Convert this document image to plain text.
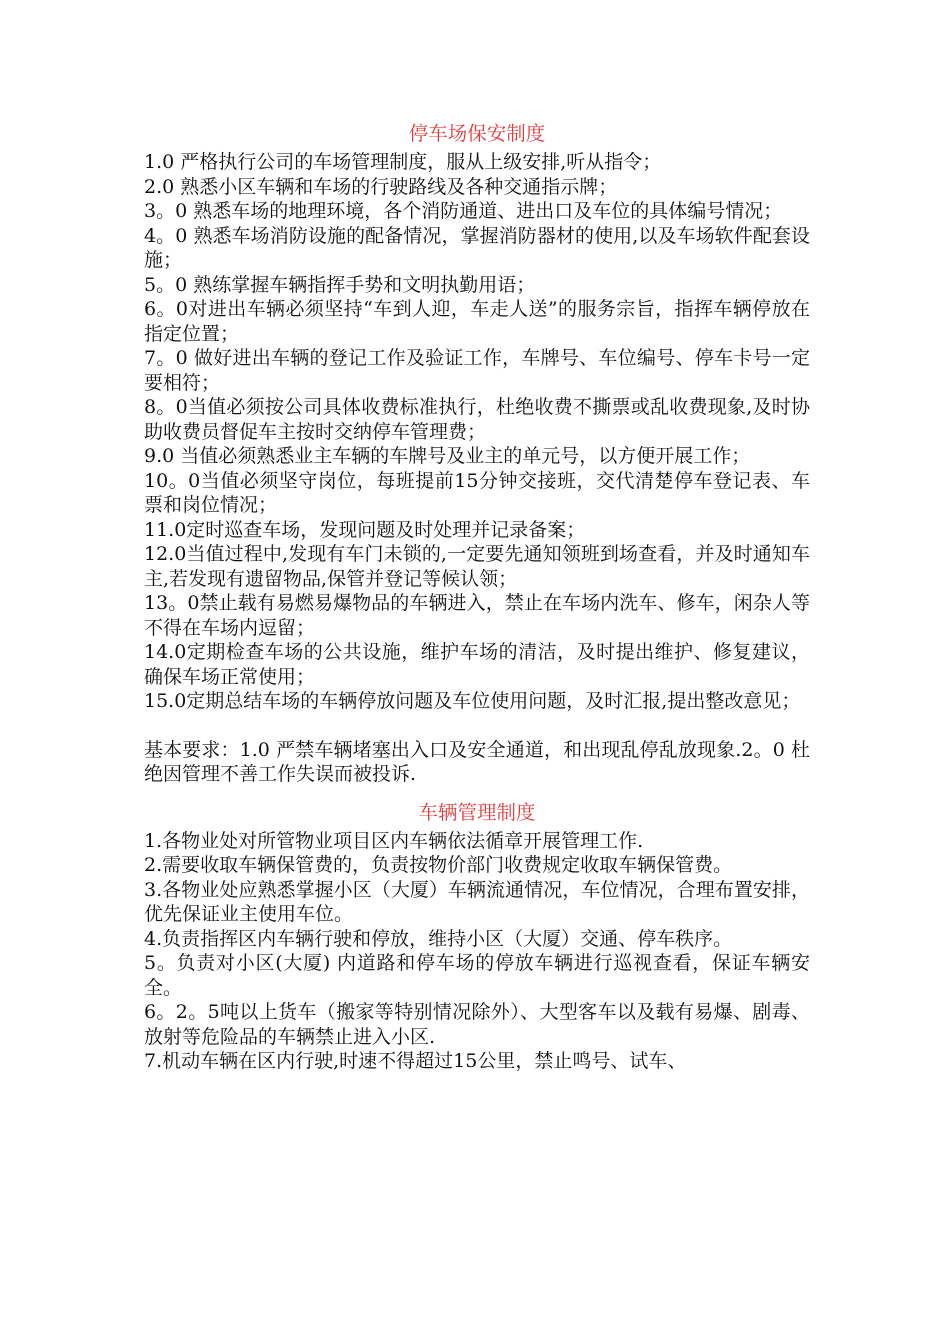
停车场保安制度

1.0 严格执行公司的车场管理制度，服从上级安排,听从指令；

2.0 熟悉小区车辆和车场的行驶路线及各种交通指示牌；

3。0 熟悉车场的地理环境，各个消防通道、进出口及车位的具体编号情况；

4。0 熟悉车场消防设施的配备情况，掌握消防器材的使用,以及车场软件配套设施；

5。0 熟练掌握车辆指挥手势和文明执勤用语；

6。0对进出车辆必须坚持“车到人迎，车走人送”的服务宗旨，指挥车辆停放在指定位置；

7。0 做好进出车辆的登记工作及验证工作，车牌号、车位编号、停车卡号一定要相符；

8。0当值必须按公司具体收费标准执行，杜绝收费不撕票或乱收费现象,及时协助收费员督促车主按时交纳停车管理费；

9.0 当值必须熟悉业主车辆的车牌号及业主的单元号，以方便开展工作；

10。0当值必须坚守岗位，每班提前15分钟交接班，交代清楚停车登记表、车票和岗位情况；

11.0定时巡查车场，发现问题及时处理并记录备案；

12.0当值过程中,发现有车门未锁的,一定要先通知领班到场查看，并及时通知车主,若发现有遗留物品,保管并登记等候认领；

13。0禁止载有易燃易爆物品的车辆进入，禁止在车场内洗车、修车，闲杂人等不得在车场内逗留；

14.0定期检查车场的公共设施，维护车场的清洁，及时提出维护、修复建议，确保车场正常使用；

15.0定期总结车场的车辆停放问题及车位使用问题，及时汇报,提出整改意见；

基本要求：1.0 严禁车辆堵塞出入口及安全通道，和出现乱停乱放现象.2。0 杜绝因管理不善工作失误而被投诉.

车辆管理制度

1.各物业处对所管物业项目区内车辆依法循章开展管理工作.

2.需要收取车辆保管费的，负责按物价部门收费规定收取车辆保管费。

3.各物业处应熟悉掌握小区（大厦）车辆流通情况，车位情况，合理布置安排，优先保证业主使用车位。

4.负责指挥区内车辆行驶和停放，维持小区（大厦）交通、停车秩序。

5。负责对小区(大厦) 内道路和停车场的停放车辆进行巡视查看，保证车辆安全。

6。2。5吨以上货车（搬家等特别情况除外）、大型客车以及载有易爆、剧毒、放射等危险品的车辆禁止进入小区.

7.机动车辆在区内行驶,时速不得超过15公里，禁止鸣号、试车、
